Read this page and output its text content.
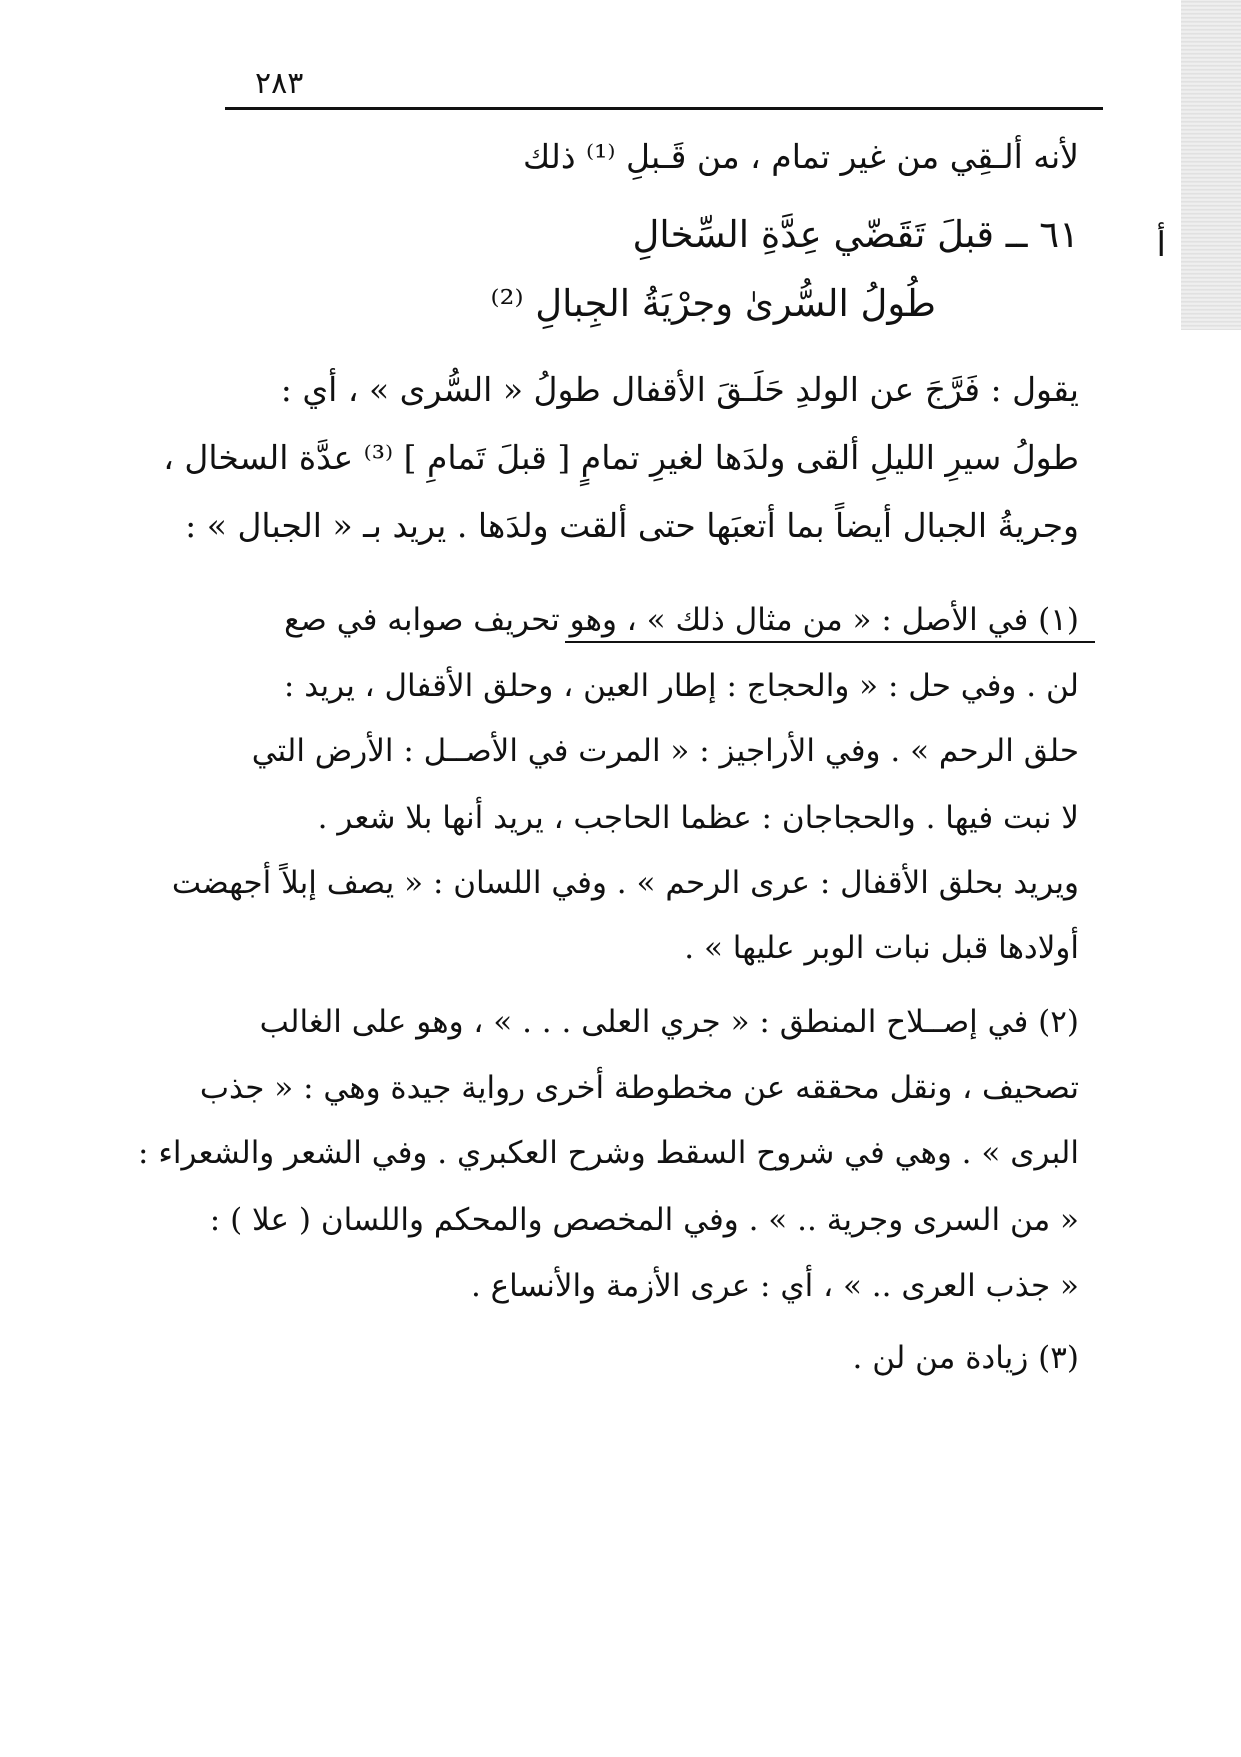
أ
٢٨٣
لأنه ألـقِي من غير تمام ، من قَـبلِ ⁽¹⁾ ذلك
٦١ ــ قبلَ تَقَضّي عِدَّةِ السِّخالِ
طُولُ السُّرىٰ وجرْيَةُ الجِبالِ ⁽²⁾
يقول : فَرَّجَ عن الولدِ حَلَـقَ الأقفال طولُ « السُّرى » ، أي :
طولُ سيرِ الليلِ ألقى ولدَها لغيرِ تمامٍ [ قبلَ تَمامِ ] ⁽³⁾ عدَّة السخال ،
وجريةُ الجبال أيضاً بما أتعبَها حتى ألقت ولدَها . يريد بـ « الجبال » :
(١) في الأصل : « من مثال ذلك » ، وهو تحريف صوابه في صع
لن . وفي حل : « والحجاج : إطار العين ، وحلق الأقفال ، يريد :
حلق الرحم » . وفي الأراجيز : « المرت في الأصــل : الأرض التي
لا نبت فيها . والحجاجان : عظما الحاجب ، يريد أنها بلا شعر .
ويريد بحلق الأقفال : عرى الرحم » . وفي اللسان : « يصف إبلاً أجهضت
أولادها قبل نبات الوبر عليها » .
(٢) في إصــلاح المنطق : « جري العلى . . . » ، وهو على الغالب
تصحيف ، ونقل محققه عن مخطوطة أخرى رواية جيدة وهي : « جذب
البرى » . وهي في شروح السقط وشرح العكبري . وفي الشعر والشعراء :
« من السرى وجرية .. » . وفي المخصص والمحكم واللسان ( علا ) :
« جذب العرى .. » ، أي : عرى الأزمة والأنساع .
(٣) زيادة من لن .
